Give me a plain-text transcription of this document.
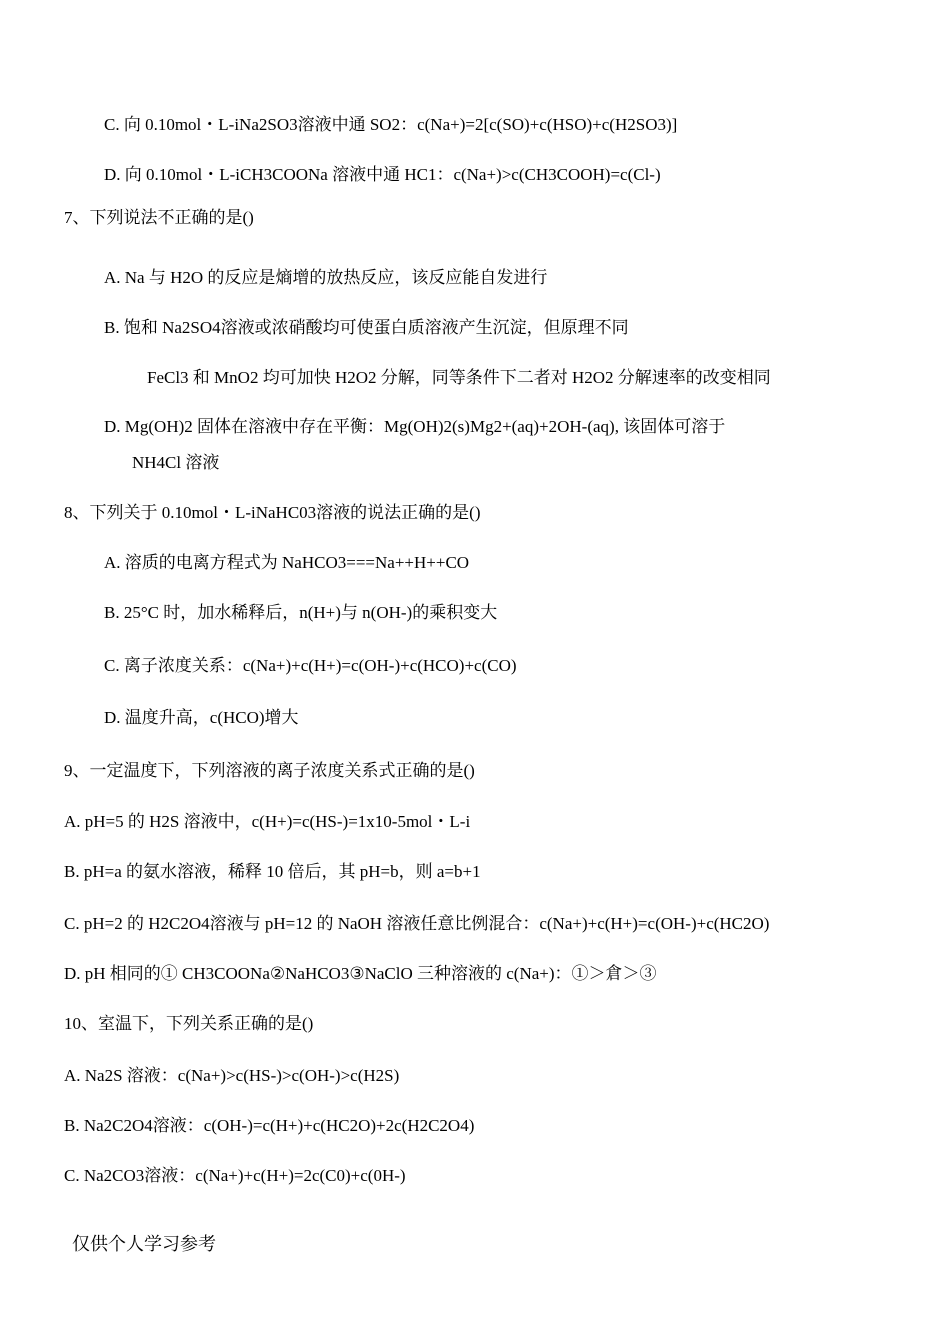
C. 向 0.10mol・L-iNa2SO3溶液中通 SO2：c(Na+)=2[c(SO)+c(HSO)+c(H2SO3)]
D. 向 0.10mol・L-iCH3COONa 溶液中通 HC1：c(Na+)>c(CH3COOH)=c(Cl-)
7、下列说法不正确的是()
A. Na 与 H2O 的反应是熵增的放热反应，该反应能自发进行
B. 饱和 Na2SO4溶液或浓硝酸均可使蛋白质溶液产生沉淀，但原理不同
FeCl3 和 MnO2 均可加快 H2O2 分解，同等条件下二者对 H2O2 分解速率的改变相同
D. Mg(OH)2 固体在溶液中存在平衡：Mg(OH)2(s)Mg2+(aq)+2OH-(aq), 该固体可溶于
NH4Cl 溶液
8、下列关于 0.10mol・L-iNaHC03溶液的说法正确的是()
A. 溶质的电离方程式为 NaHCO3===Na++H++CO
B. 25°C 时，加水稀释后，n(H+)与 n(OH-)的乘积变大
C. 离子浓度关系：c(Na+)+c(H+)=c(OH-)+c(HCO)+c(CO)
D. 温度升高，c(HCO)增大
9、一定温度下，下列溶液的离子浓度关系式正确的是()
A. pH=5 的 H2S 溶液中，c(H+)=c(HS-)=1x10-5mol・L-i
B. pH=a 的氨水溶液，稀释 10 倍后，其 pH=b，则 a=b+1
C. pH=2 的 H2C2O4溶液与 pH=12 的 NaOH 溶液任意比例混合：c(Na+)+c(H+)=c(OH-)+c(HC2O)
D. pH 相同的① CH3COONa②NaHCO3③NaClO 三种溶液的 c(Na+)：①＞倉＞③
10、室温下，下列关系正确的是()
A. Na2S 溶液：c(Na+)>c(HS-)>c(OH-)>c(H2S)
B. Na2C2O4溶液：c(OH-)=c(H+)+c(HC2O)+2c(H2C2O4)
C. Na2CO3溶液：c(Na+)+c(H+)=2c(C0)+c(0H-)
仅供个人学习参考
